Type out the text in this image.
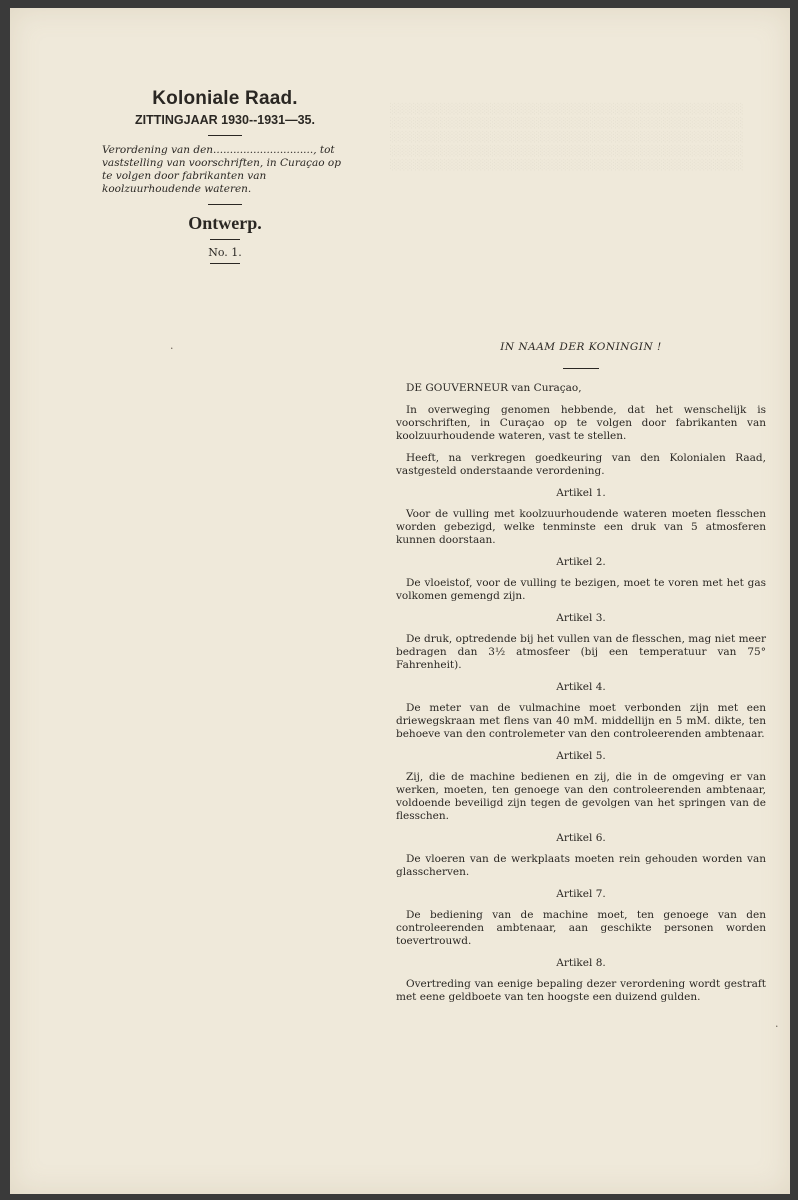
░░░░░░░░░░░░░░░░░░░░░░░░░░░░░░░░░░░░░░░░░░░░░░
░░░░░░░░░░░░░░░░░░░░░░░░░░░░░░░░░░░░░░░░░░░░░░
░░░░░░░░░░░░░░░░░░░░░░░░░░░░░░░░░░░░░░░░░░░░░░
░░░░░░░░░░░░░░░░░░░░░░░░░░░░░░░░░░░░░░░░░░░░░░
░░░░░░░░░░░░░░░░░░░░░░░░░░░░░░░░░░░░░░░░░░░░░░
Koloniale Raad.
ZITTINGJAAR 1930--1931—35.
Verordening van den.............................., tot vaststelling van voorschriften, in Curaçao op te volgen door fabrikanten van koolzuurhoudende wateren.
Ontwerp.
No. 1.
IN NAAM DER KONINGIN !
DE GOUVERNEUR van Curaçao,

In overweging genomen hebbende, dat het wenschelijk is voorschriften, in Curaçao op te volgen door fabrikanten van koolzuurhoudende wateren, vast te stellen.

Heeft, na verkregen goedkeuring van den Kolonialen Raad, vastgesteld onderstaande verordening.

Artikel 1.

Voor de vulling met koolzuurhoudende wateren moeten flesschen worden gebezigd, welke tenminste een druk van 5 atmosferen kunnen doorstaan.

Artikel 2.

De vloeistof, voor de vulling te bezigen, moet te voren met het gas volkomen gemengd zijn.

Artikel 3.

De druk, optredende bij het vullen van de flesschen, mag niet meer bedragen dan 3½ atmosfeer (bij een temperatuur van 75° Fahrenheit).

Artikel 4.

De meter van de vulmachine moet verbonden zijn met een driewegskraan met flens van 40 mM. middellijn en 5 mM. dikte, ten behoeve van den controlemeter van den controleerenden ambtenaar.

Artikel 5.

Zij, die de machine bedienen en zij, die in de omgeving er van werken, moeten, ten genoege van den controleerenden ambtenaar, voldoende beveiligd zijn tegen de gevolgen van het springen van de flesschen.

Artikel 6.

De vloeren van de werkplaats moeten rein gehouden worden van glasscherven.

Artikel 7.

De bediening van de machine moet, ten genoege van den controleerenden ambtenaar, aan geschikte personen worden toevertrouwd.

Artikel 8.

Overtreding van eenige bepaling dezer verordening wordt gestraft met eene geldboete van ten hoogste een duizend gulden.

·
·
